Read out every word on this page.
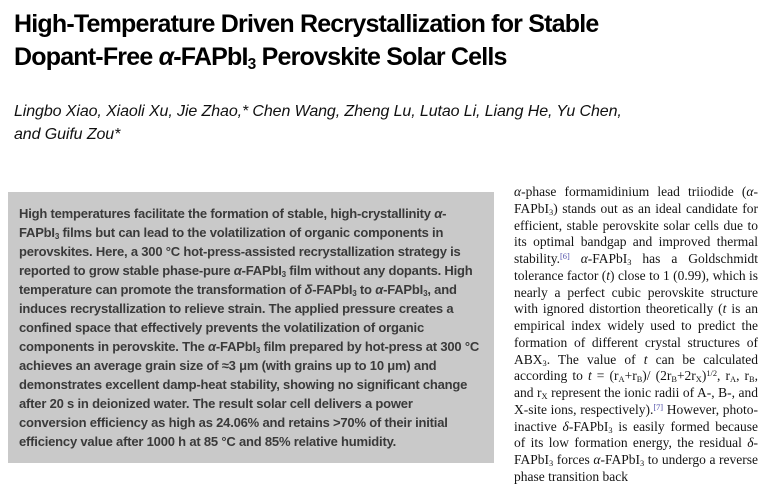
High-Temperature Driven Recrystallization for Stable
Dopant-Free α-FAPbI$_3$ Perovskite Solar Cells
Lingbo Xiao, Xiaoli Xu, Jie Zhao,* Chen Wang, Zheng Lu, Lutao Li, Liang He, Yu Chen,
and Guifu Zou*

High temperatures facilitate the formation of stable, high-crystallinity α-FAPbI$_3$ films but can lead to the volatilization of organic components in perovskites. Here, a 300 °C hot-press-assisted recrystallization strategy is reported to grow stable phase-pure α-FAPbI$_3$ film without any dopants. High temperature can promote the transformation of δ-FAPbI$_3$ to α-FAPbI$_3$, and induces recrystallization to relieve strain. The applied pressure creates a confined space that effectively prevents the volatilization of organic components in perovskite. The α-FAPbI$_3$ film prepared by hot-press at 300 °C achieves an average grain size of ≈3 μm (with grains up to 10 μm) and demonstrates excellent damp-heat stability, showing no significant change after 20 s in deionized water. The result solar cell delivers a power conversion efficiency as high as 24.06% and retains >70% of their initial efficiency value after 1000 h at 85 °C and 85% relative humidity.

α-phase formamidinium lead triiodide (α-FAPbI$_3$) stands out as an ideal candidate for efficient, stable perovskite solar cells due to its optimal bandgap and improved thermal stability.[6] α-FAPbI$_3$ has a Goldschmidt tolerance factor (t) close to 1 (0.99), which is nearly a perfect cubic perovskite structure with ignored distortion theoretically (t is an empirical index widely used to predict the formation of different crystal structures of $ABX_3$. The value of t can be calculated according to $t = (r_A+r_B)/$ $(2r_B+2r_X)^{1/2}$, $r_A$, $r_B$, and $r_X$ represent the ionic radii of A-, B-, and X-site ions, respectively).[7] However, photo-inactive δ-FAPbI$_3$ is easily formed because of its low formation energy, the residual δ-FAPbI$_3$ forces α-FAPbI$_3$ to undergo a reverse phase transition back
